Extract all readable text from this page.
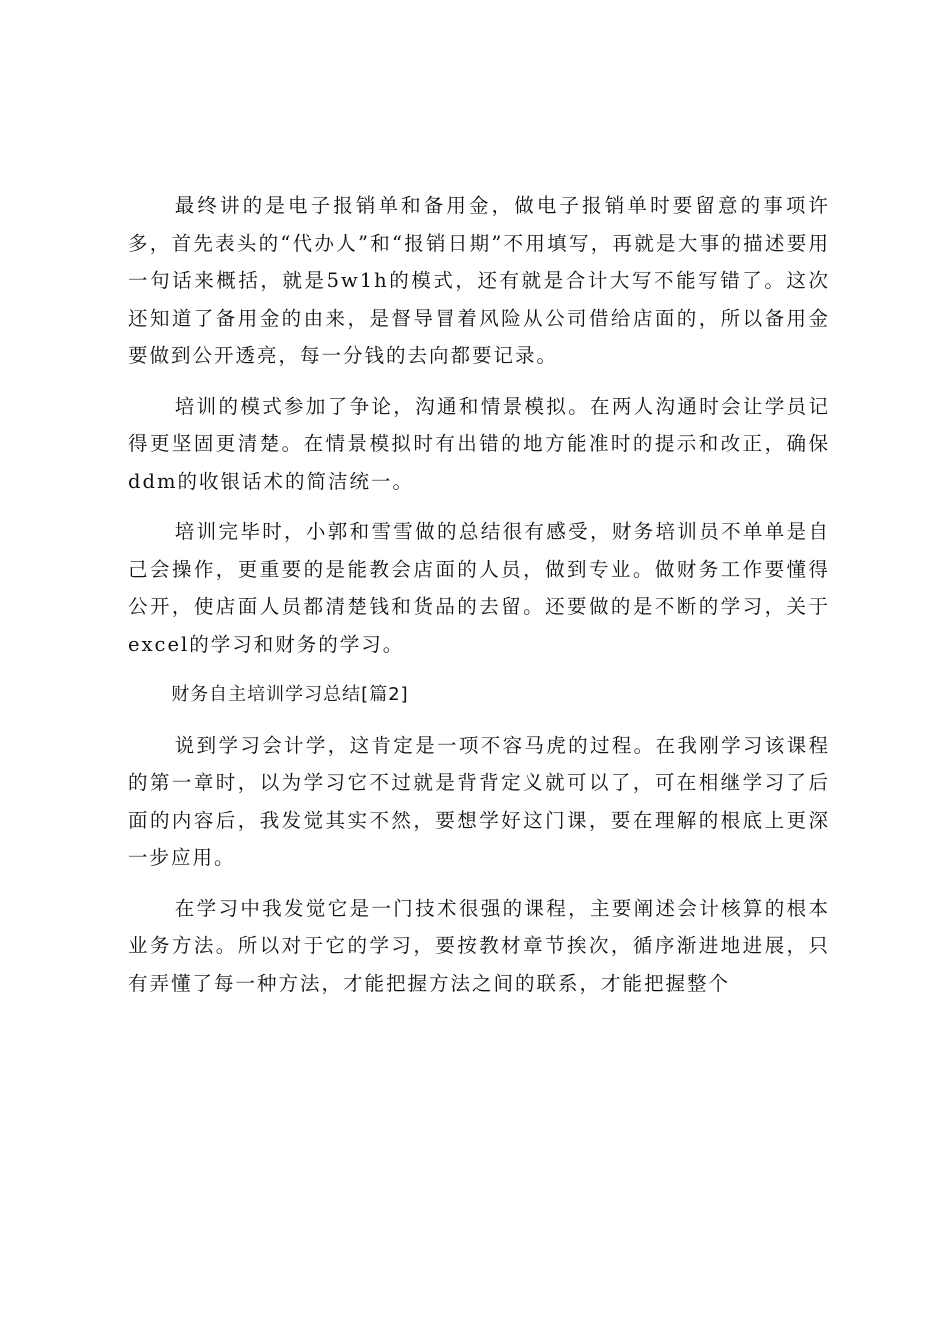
最终讲的是电子报销单和备用金，做电子报销单时要留意的事项许多，首先表头的“代办人”和“报销日期”不用填写，再就是大事的描述要用一句话来概括，就是5w1h的模式，还有就是合计大写不能写错了。这次还知道了备用金的由来，是督导冒着风险从公司借给店面的，所以备用金要做到公开透亮，每一分钱的去向都要记录。

培训的模式参加了争论，沟通和情景模拟。在两人沟通时会让学员记得更坚固更清楚。在情景模拟时有出错的地方能准时的提示和改正，确保ddm的收银话术的简洁统一。

培训完毕时，小郭和雪雪做的总结很有感受，财务培训员不单单是自己会操作，更重要的是能教会店面的人员，做到专业。做财务工作要懂得公开，使店面人员都清楚钱和货品的去留。还要做的是不断的学习，关于excel的学习和财务的学习。

财务自主培训学习总结[篇2]

说到学习会计学，这肯定是一项不容马虎的过程。在我刚学习该课程的第一章时，以为学习它不过就是背背定义就可以了，可在相继学习了后面的内容后，我发觉其实不然，要想学好这门课，要在理解的根底上更深一步应用。

在学习中我发觉它是一门技术很强的课程，主要阐述会计核算的根本业务方法。所以对于它的学习，要按教材章节挨次，循序渐进地进展，只有弄懂了每一种方法，才能把握方法之间的联系，才能把握整个
